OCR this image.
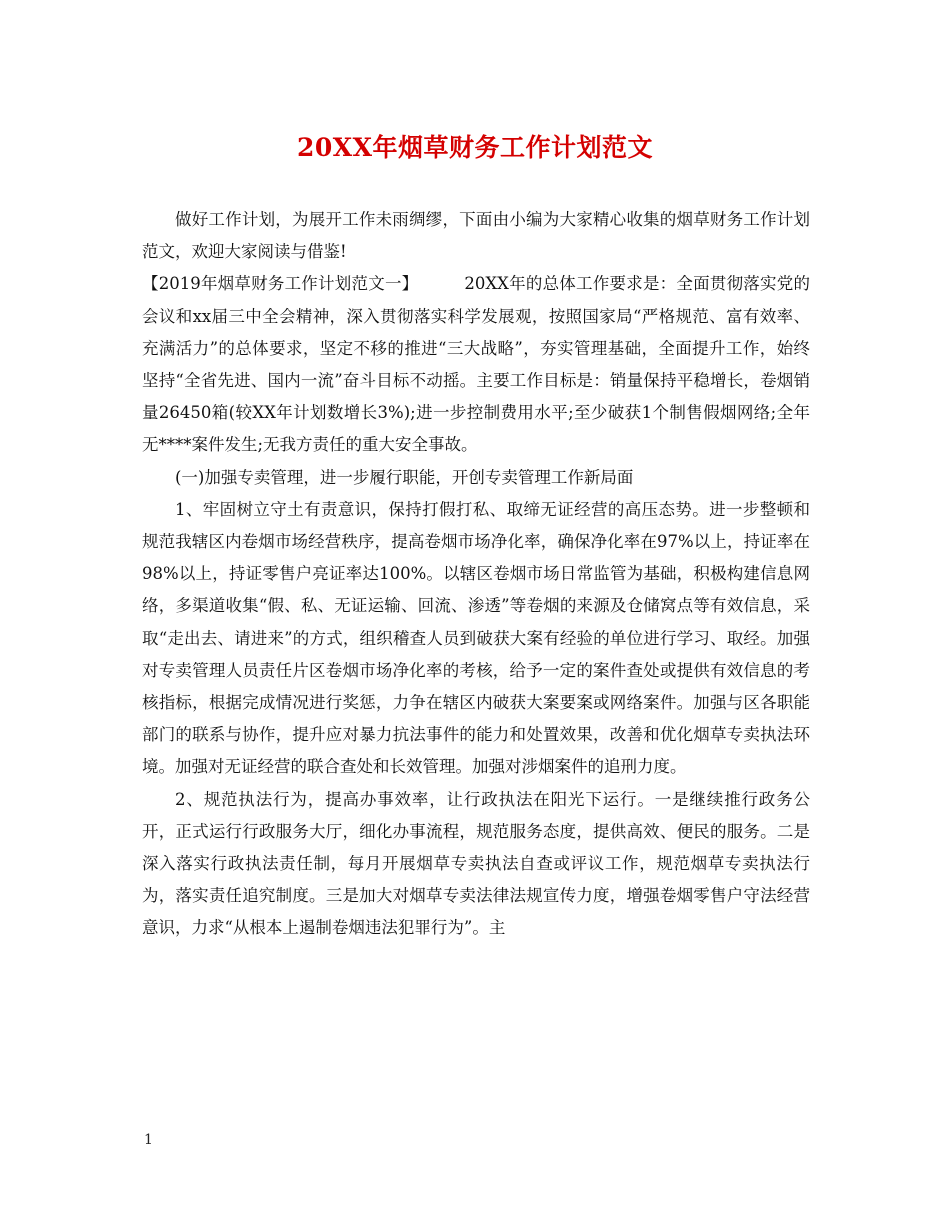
20XX年烟草财务工作计划范文

做好工作计划，为展开工作未雨绸缪，下面由小编为大家精心收集的烟草财务工作计划范文，欢迎大家阅读与借鉴!

【2019年烟草财务工作计划范文一】	20XX年的总体工作要求是：全面贯彻落实党的会议和xx届三中全会精神，深入贯彻落实科学发展观，按照国家局“严格规范、富有效率、充满活力”的总体要求，坚定不移的推进“三大战略”，夯实管理基础，全面提升工作，始终坚持“全省先进、国内一流”奋斗目标不动摇。主要工作目标是：销量保持平稳增长，卷烟销量26450箱(较XX年计划数增长3%);进一步控制费用水平;至少破获1个制售假烟网络;全年无****案件发生;无我方责任的重大安全事故。

(一)加强专卖管理，进一步履行职能，开创专卖管理工作新局面

1、牢固树立守土有责意识，保持打假打私、取缔无证经营的高压态势。进一步整顿和规范我辖区内卷烟市场经营秩序，提高卷烟市场净化率，确保净化率在97%以上，持证率在98%以上，持证零售户亮证率达100%。以辖区卷烟市场日常监管为基础，积极构建信息网络，多渠道收集“假、私、无证运输、回流、渗透”等卷烟的来源及仓储窝点等有效信息，采取“走出去、请进来”的方式，组织稽查人员到破获大案有经验的单位进行学习、取经。加强对专卖管理人员责任片区卷烟市场净化率的考核，给予一定的案件查处或提供有效信息的考核指标，根据完成情况进行奖惩，力争在辖区内破获大案要案或网络案件。加强与区各职能部门的联系与协作，提升应对暴力抗法事件的能力和处置效果，改善和优化烟草专卖执法环境。加强对无证经营的联合查处和长效管理。加强对涉烟案件的追刑力度。

2、规范执法行为，提高办事效率，让行政执法在阳光下运行。一是继续推行政务公开，正式运行行政服务大厅，细化办事流程，规范服务态度，提供高效、便民的服务。二是深入落实行政执法责任制，每月开展烟草专卖执法自查或评议工作，规范烟草专卖执法行为，落实责任追究制度。三是加大对烟草专卖法律法规宣传力度，增强卷烟零售户守法经营意识，力求“从根本上遏制卷烟违法犯罪行为”。主

1
